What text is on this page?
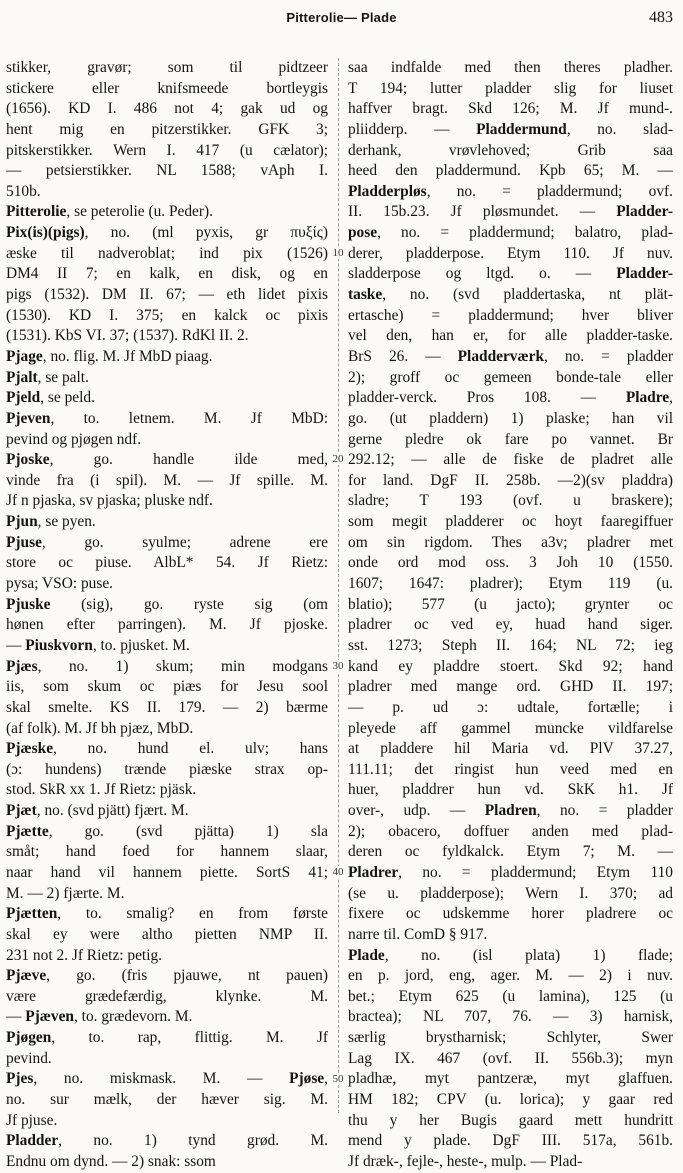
Pitterolie— Plade	483
stikker, gravør; som til pidtzeer
stickere eller knifsmeede bortleygis
(1656). KD I. 486 not 4; gak ud og
hent mig en pitzerstikker. GFK 3;
pitskerstikker. Wern I. 417 (u cælator);
— petsierstikker. NL 1588; vAph I.
510b.
Pitterolie, se peterolie (u. Peder).
Pix(is)(pigs), no. (ml pyxis, gr πυξίς)
æske til nadveroblat; ind pix (1526)
DM4 II 7; en kalk, en disk, og en
pigs (1532). DM II. 67; — eth lidet pixis
(1530). KD I. 375; en kalck oc pixis
(1531). KbS VI. 37; (1537). RdKl II. 2.
Pjage, no. flig. M. Jf MbD piaag.
Pjalt, se palt.
Pjeld, se peld.
Pjeven, to. letnem. M. Jf MbD:
pevind og pjøgen ndf.
Pjoske, go. handle ilde med,
vinde fra (i spil). M. — Jf spille. M.
Jf n pjaska, sv pjaska; pluske ndf.
Pjun, se pyen.
Pjuse, go. syulme; adrene ere
store oc piuse. AlbL* 54. Jf Rietz:
pysa; VSO: puse.
Pjuske (sig), go. ryste sig (om
hønen efter parringen). M. Jf pjoske.
— Piuskvorn, to. pjusket. M.
Pjæs, no. 1) skum; min modgans
iis, som skum oc piæs for Jesu sool
skal smelte. KS II. 179. — 2) bærme
(af folk). M. Jf bh pjæz, MbD.
Pjæske, no. hund el. ulv; hans
(ɔ: hundens) trænde piæske strax op-
stod. SkR xx 1. Jf Rietz: pjäsk.
Pjæt, no. (svd pjätt) fjært. M.
Pjætte, go. (svd pjätta) 1) sla
småt; hand foed for hannem slaar,
naar hand vil hannem piette. SortS 41;
M. — 2) fjærte. M.
Pjætten, to. smalig? en from første
skal ey were altho pietten NMP II.
231 not 2. Jf Rietz: petig.
Pjæve, go. (fris pjauwe, nt pauen)
være grædefærdig, klynke. M.
— Pjæven, to. grædevorn. M.
Pjøgen, to. rap, flittig. M. Jf
pevind.
Pjes, no. miskmask. M. — Pjøse,
no. sur mælk, der hæver sig. M.
Jf pjuse.
Pladder, no. 1) tynd grød. M.
Endnu om dynd. — 2) snak: ssom
10
20
30
40
50
saa indfalde med then theres pladher.
T 194; lutter pladder slig for liuset
haffver bragt. Skd 126; M. Jf mund-.
pliidderp. — Pladdermund, no. slad-
derhank, vrøvlehoved; Grib saa
heed den pladdermund. Kpb 65; M. —
Pladderpløs, no. = pladdermund; ovf.
II. 15b.23. Jf pløsmundet. — Pladder-
pose, no. = pladdermund; balatro, plad-
derer, pladderpose. Etym 110. Jf nuv.
sladderpose og ltgd. o. — Pladder-
taske, no. (svd pladdertaska, nt plät-
ertasche) = pladdermund; hver bliver
vel den, han er, for alle pladder-taske.
BrS 26. — Pladderværk, no. = pladder
2); groff oc gemeen bonde-tale eller
pladder-verck. Pros 108. — Pladre,
go. (ut pladdern) 1) plaske; han vil
gerne pledre ok fare po vannet. Br
292.12; — alle de fiske de pladret alle
for land. DgF II. 258b. —2)(sv pladdra)
sladre; T 193 (ovf. u braskere);
som megit pladderer oc hoyt faaregiffuer
om sin rigdom. Thes a3v; pladrer met
onde ord mod oss. 3 Joh 10 (1550.
1607; 1647: pladrer); Etym 119 (u.
blatio); 577 (u jacto); grynter oc
pladrer oc ved ey, huad hand siger.
sst. 1273; Steph II. 164; NL 72; ieg
kand ey pladdre stoert. Skd 92; hand
pladrer med mange ord. GHD II. 197;
— p. ud ɔ: udtale, fortælle; i
pleyede aff gammel muncke vildfarelse
at pladdere hil Maria vd. PlV 37.27,
111.11; det ringist hun veed med en
huer, pladdrer hun vd. SkK h1. Jf
over-, udp. — Pladren, no. = pladder
2); obacero, doffuer anden med plad-
deren oc fyldkalck. Etym 7; M. —
Pladrer, no. = pladdermund; Etym 110
(se u. pladderpose); Wern I. 370; ad
fixere oc udskemme horer pladrere oc
narre til. ComD § 917.
Plade, no. (isl plata) 1) flade;
en p. jord, eng, ager. M. — 2) i nuv.
bet.; Etym 625 (u lamina), 125 (u
bractea); NL 707, 76. — 3) harnisk,
særlig brystharnisk; Schlyter, Swer
Lag IX. 467 (ovf. II. 556b.3); myn
pladhæ, myt pantzeræ, myt glaffuen.
HM 182; CPV (u. lorica); y gaar red
thu y her Bugis gaard mett hundritt
mend y plade. DgF III. 517a, 561b.
Jf dræk-, fejle-, heste-, mulp. — Plad-
